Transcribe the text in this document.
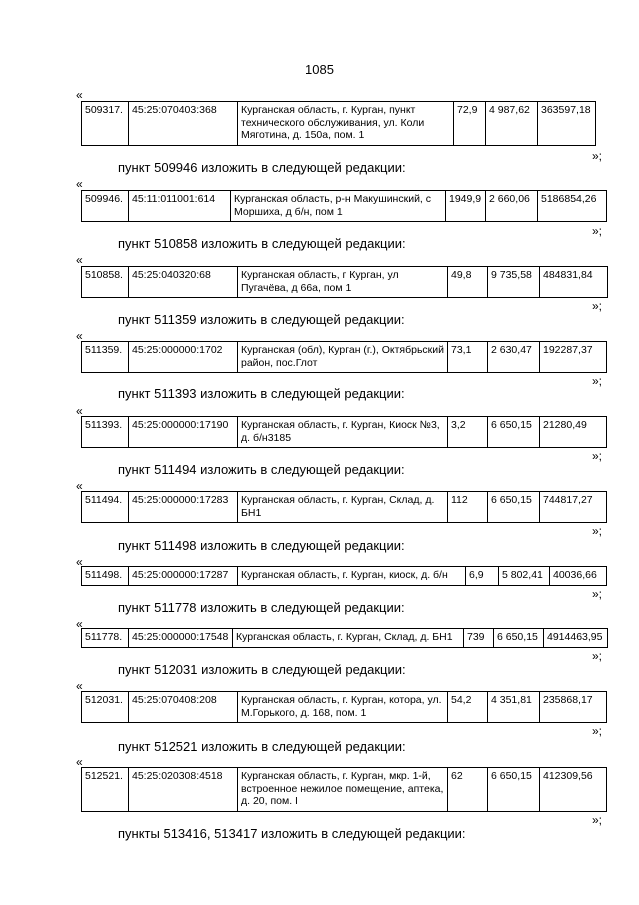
1085
«
509317.	45:25:070403:368	Курганская область, г. Курган, пункт технического обслуживания, ул. Коли Мяготина, д. 150а, пом. 1	72,9	4 987,62	363597,18
»;
пункт 509946 изложить в следующей редакции:
«
509946.	45:11:011001:614	Курганская область, р-н Макушинский, с Моршиха, д б/н, пом 1	1949,9	2 660,06	5186854,26
»;
пункт 510858 изложить в следующей редакции:
«
510858.	45:25:040320:68	Курганская область, г Курган, ул Пугачёва, д 66а, пом 1	49,8	9 735,58	484831,84
»;
пункт 511359 изложить в следующей редакции:
«
511359.	45:25:000000:1702	Курганская (обл), Курган (г.), Октябрьский район, пос.Глот	73,1	2 630,47	192287,37
»;
пункт 511393 изложить в следующей редакции:
«
511393.	45:25:000000:17190	Курганская область, г. Курган, Киоск №3, д. б/н3185	3,2	6 650,15	21280,49
»;
пункт 511494 изложить в следующей редакции:
«
511494.	45:25:000000:17283	Курганская область, г. Курган, Склад, д. БН1	112	6 650,15	744817,27
»;
пункт 511498 изложить в следующей редакции:
«
511498.	45:25:000000:17287	Курганская область, г. Курган, киоск, д. б/н	6,9	5 802,41	40036,66
»;
пункт 511778 изложить в следующей редакции:
«
511778.	45:25:000000:17548	Курганская область, г. Курган, Склад, д. БН1	739	6 650,15	4914463,95
»;
пункт 512031 изложить в следующей редакции:
«
512031.	45:25:070408:208	Курганская область, г. Курган, котора, ул. М.Горького, д. 168, пом. 1	54,2	4 351,81	235868,17
»;
пункт 512521 изложить в следующей редакции:
«
512521.	45:25:020308:4518	Курганская область, г. Курган, мкр. 1-й, встроенное нежилое помещение, аптека, д. 20, пом. I	62	6 650,15	412309,56
»;
пункты 513416, 513417 изложить в следующей редакции:
